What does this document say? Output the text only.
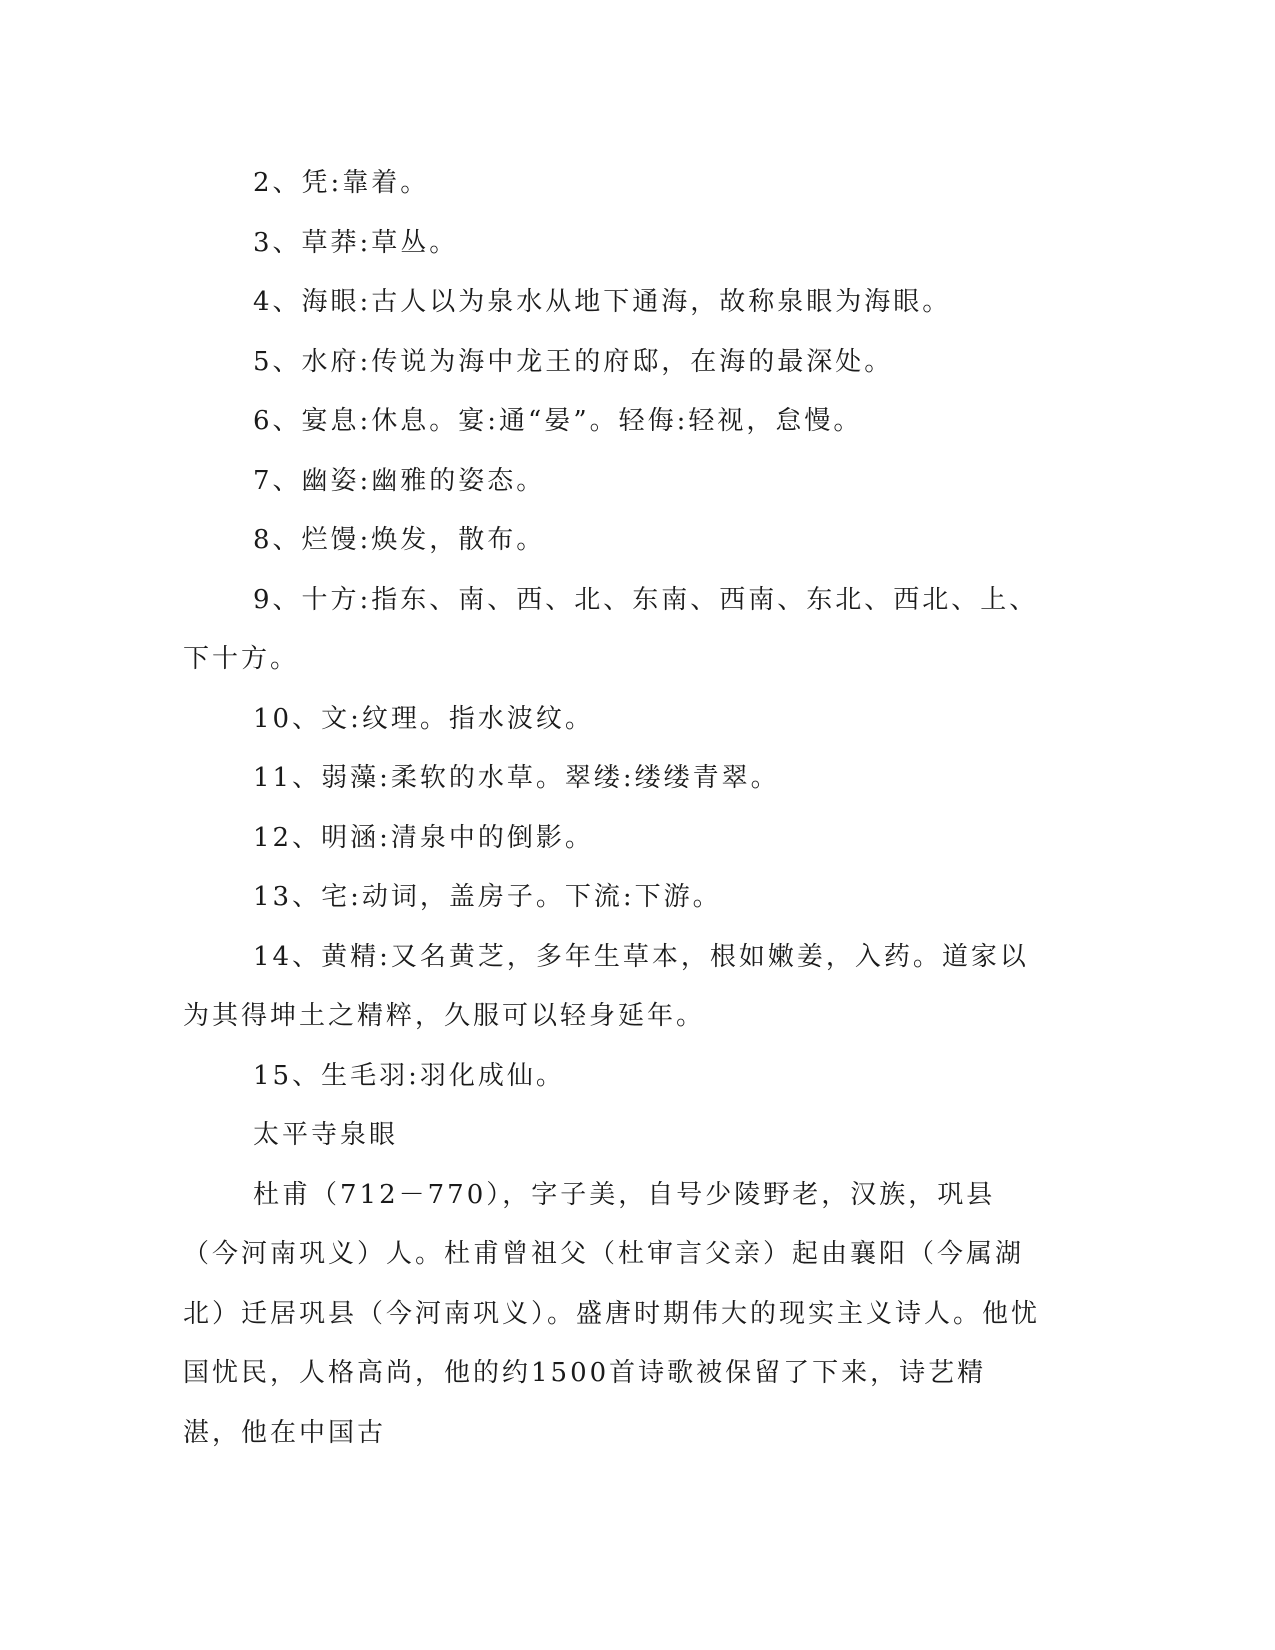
2、凭:靠着。

3、草莽:草丛。

4、海眼:古人以为泉水从地下通海，故称泉眼为海眼。

5、水府:传说为海中龙王的府邸，在海的最深处。

6、宴息:休息。宴:通“晏”。轻侮:轻视，怠慢。

7、幽姿:幽雅的姿态。

8、烂馒:焕发，散布。

9、十方:指东、南、西、北、东南、西南、东北、西北、上、下十方。

10、文:纹理。指水波纹。

11、弱藻:柔软的水草。翠缕:缕缕青翠。

12、明涵:清泉中的倒影。

13、宅:动词，盖房子。下流:下游。

14、黄精:又名黄芝，多年生草本，根如嫩姜，入药。道家以为其得坤土之精粹，久服可以轻身延年。

15、生毛羽:羽化成仙。

太平寺泉眼

杜甫（712－770），字子美，自号少陵野老，汉族，巩县（今河南巩义）人。杜甫曾祖父（杜审言父亲）起由襄阳（今属湖北）迁居巩县（今河南巩义）。盛唐时期伟大的现实主义诗人。他忧国忧民，人格高尚，他的约1500首诗歌被保留了下来，诗艺精湛，他在中国古
